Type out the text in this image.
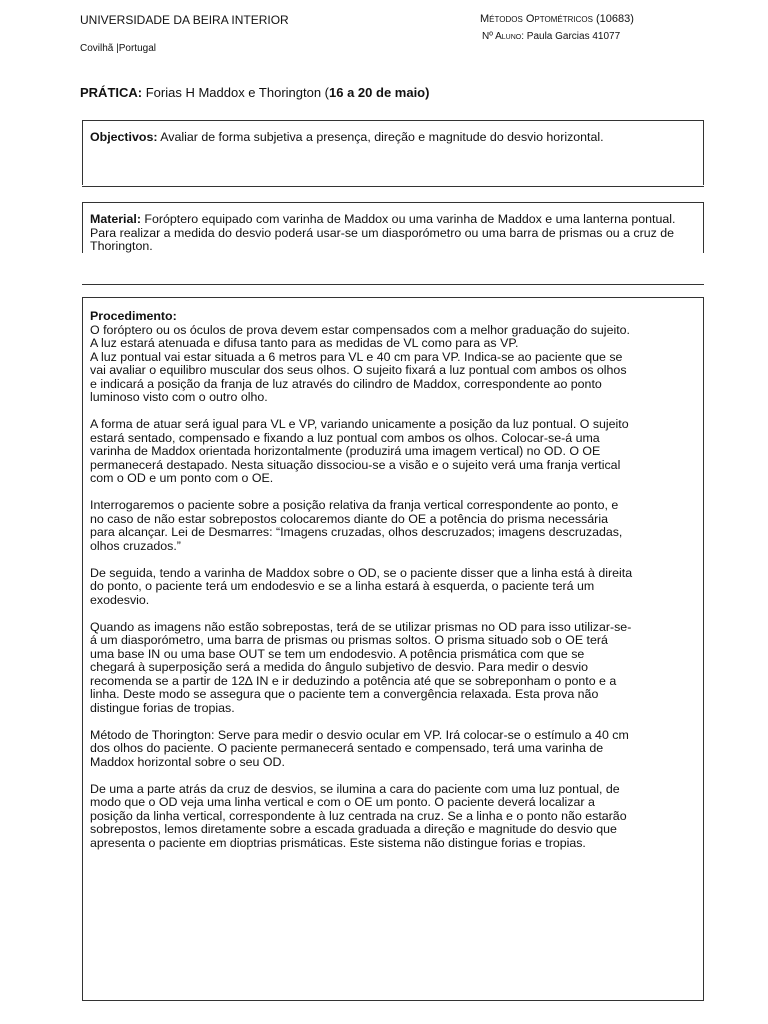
UNIVERSIDADE DA BEIRA INTERIOR
Covilhã |Portugal
Métodos Optométricos (10683)
Nº Aluno: Paula Garcias 41077
PRÁTICA: Forias H Maddox e Thorington (16 a 20 de maio)
Objectivos: Avaliar de forma subjetiva a presença, direção e magnitude do desvio horizontal.
Material: Foróptero equipado com varinha de Maddox ou uma varinha de Maddox e uma lanterna pontual. Para realizar a medida do desvio poderá usar-se um diasporómetro ou uma barra de prismas ou a cruz de Thorington.
Procedimento:

O foróptero ou os óculos de prova devem estar compensados com a melhor graduação do sujeito.
A luz estará atenuada e difusa tanto para as medidas de VL como para as VP.
A luz pontual vai estar situada a 6 metros para VL e 40 cm para VP. Indica-se ao paciente que se
vai avaliar o equilibro muscular dos seus olhos. O sujeito fixará a luz pontual com ambos os olhos
e indicará a posição da franja de luz através do cilindro de Maddox, correspondente ao ponto
luminoso visto com o outro olho.

A forma de atuar será igual para VL e VP, variando unicamente a posição da luz pontual. O sujeito
estará sentado, compensado e fixando a luz pontual com ambos os olhos. Colocar-se-á uma
varinha de Maddox orientada horizontalmente (produzirá uma imagem vertical) no OD. O OE
permanecerá destapado. Nesta situação dissociou-se a visão e o sujeito verá uma franja vertical
com o OD e um ponto com o OE.

Interrogaremos o paciente sobre a posição relativa da franja vertical correspondente ao ponto, e
no caso de não estar sobrepostos colocaremos diante do OE a potência do prisma necessária
para alcançar. Lei de Desmarres: “Imagens cruzadas, olhos descruzados; imagens descruzadas,
olhos cruzados.”

De seguida, tendo a varinha de Maddox sobre o OD, se o paciente disser que a linha está à direita
do ponto, o paciente terá um endodesvio e se a linha estará à esquerda, o paciente terá um
exodesvio.

Quando as imagens não estão sobrepostas, terá de se utilizar prismas no OD para isso utilizar-se-
á um diasporómetro, uma barra de prismas ou prismas soltos. O prisma situado sob o OE terá
uma base IN ou uma base OUT se tem um endodesvio. A potência prismática com que se
chegará à superposição será a medida do ângulo subjetivo de desvio. Para medir o desvio
recomenda se a partir de 12∆ IN e ir deduzindo a potência até que se sobreponham o ponto e a
linha. Deste modo se assegura que o paciente tem a convergência relaxada. Esta prova não
distingue forias de tropias.

Método de Thorington: Serve para medir o desvio ocular em VP. Irá colocar-se o estímulo a 40 cm
dos olhos do paciente. O paciente permanecerá sentado e compensado, terá uma varinha de
Maddox horizontal sobre o seu OD.

De uma a parte atrás da cruz de desvios, se ilumina a cara do paciente com uma luz pontual, de
modo que o OD veja uma linha vertical e com o OE um ponto. O paciente deverá localizar a
posição da linha vertical, correspondente à luz centrada na cruz. Se a linha e o ponto não estarão
sobrepostos, lemos diretamente sobre a escada graduada a direção e magnitude do desvio que
apresenta o paciente em dioptrias prismáticas. Este sistema não distingue forias e tropias.
